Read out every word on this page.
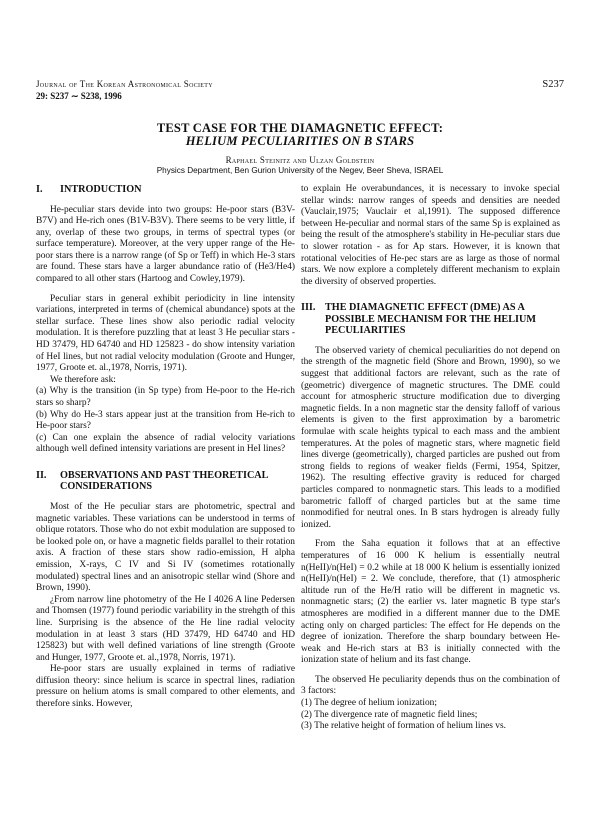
Journal of The Korean Astronomical Society
29: S237 ∼ S238, 1996
S237
TEST CASE FOR THE DIAMAGNETIC EFFECT:
HELIUM PECULIARITIES ON B STARS
Raphael Steinitz and Ulzan Goldstein
Physics Department, Ben Gurion University of the Negev, Beer Sheva, ISRAEL
I.	INTRODUCTION

He-peculiar stars devide into two groups: He-poor stars (B3V-B7V) and He-rich ones (B1V-B3V). There seems to be very little, if any, overlap of these two groups, in terms of spectral types (or surface temperature). Moreover, at the very upper range of the He-poor stars there is a narrow range (of Sp or Teff) in which He-3 stars are found. These stars have a larger abundance ratio of (He3/He4) compared to all other stars (Hartoog and Cowley,1979).

Peculiar stars in general exhibit periodicity in line intensity variations, interpreted in terms of (chemical abundance) spots at the stellar surface. These lines show also periodic radial velocity modulation. It is therefore puzzling that at least 3 He peculiar stars - HD 37479, HD 64740 and HD 125823 - do show intensity variation of HeI lines, but not radial velocity modulation (Groote and Hunger, 1977, Groote et. al.,1978, Norris, 1971).

We therefore ask:

(a) Why is the transition (in Sp type) from He-poor to the He-rich stars so sharp?

(b) Why do He-3 stars appear just at the transition from He-rich to He-poor stars?

(c) Can one explain the absence of radial velocity variations although well defined intensity variations are present in HeI lines?

II.	OBSERVATIONS AND PAST THEORETICAL CONSIDERATIONS

Most of the He peculiar stars are photometric, spectral and magnetic variables. These variations can be understood in terms of oblique rotators. Those who do not exbit modulation are supposed to be looked pole on, or have a magnetic fields parallel to their rotation axis. A fraction of these stars show radio-emission, H alpha emission, X-rays, C IV and Si IV (sometimes rotationally modulated) spectral lines and an anisotropic stellar wind (Shore and Brown, 1990).

¿From narrow line photometry of the He I 4026 A line Pedersen and Thomsen (1977) found periodic variability in the strehgth of this line. Surprising is the absence of the He line radial velocity modulation in at least 3 stars (HD 37479, HD 64740 and HD 125823) but with well defined variations of line strength (Groote and Hunger, 1977, Groote et. al.,1978, Norris, 1971).

He-poor stars are usually explained in terms of radiative diffusion theory: since helium is scarce in spectral lines, radiation pressure on helium atoms is small compared to other elements, and therefore sinks. However,

to explain He overabundances, it is necessary to invoke special stellar winds: narrow ranges of speeds and densities are needed (Vauclair,1975; Vauclair et al,1991). The supposed difference between He-peculiar and normal stars of the same Sp is explained as being the result of the atmosphere's stability in He-peculiar stars due to slower rotation - as for Ap stars. However, it is known that rotational velocities of He-pec stars are as large as those of normal stars. We now explore a completely different mechanism to explain the diversity of observed properties.

III. THE DIAMAGNETIC EFFECT (DME) AS A POSSIBLE MECHANISM FOR THE HELIUM PECULIARITIES

The observed variety of chemical peculiarities do not depend on the strength of the magnetic field (Shore and Brown, 1990), so we suggest that additional factors are relevant, such as the rate of (geometric) divergence of magnetic structures. The DME could account for atmospheric structure modification due to diverging magnetic fields. In a non magnetic star the density falloff of various elements is given to the first approximation by a barometric formulae with scale heights typical to each mass and the ambient temperatures. At the poles of magnetic stars, where magnetic field lines diverge (geometrically), charged particles are pushed out from strong fields to regions of weaker fields (Fermi, 1954, Spitzer, 1962). The resulting effective gravity is reduced for charged particles compared to nonmagnetic stars. This leads to a modified barometric falloff of charged particles but at the same time nonmodified for neutral ones. In B stars hydrogen is already fully ionized.

From the Saha equation it follows that at an effective temperatures of 16 000 K helium is essentially neutral n(HeII)/n(HeI) = 0.2 while at 18 000 K helium is essentially ionized n(HeII)/n(HeI) = 2. We conclude, therefore, that (1) atmospheric altitude run of the He/H ratio will be different in magnetic vs. nonmagnetic stars; (2) the earlier vs. later magnetic B type star's atmospheres are modified in a different manner due to the DME acting only on charged particles: The effect for He depends on the degree of ionization. Therefore the sharp boundary between He-weak and He-rich stars at B3 is initially connected with the ionization state of helium and its fast change.

The observed He peculiarity depends thus on the combination of 3 factors:

(1) The degree of helium ionization;

(2) The divergence rate of magnetic field lines;

(3) The relative height of formation of helium lines vs.
